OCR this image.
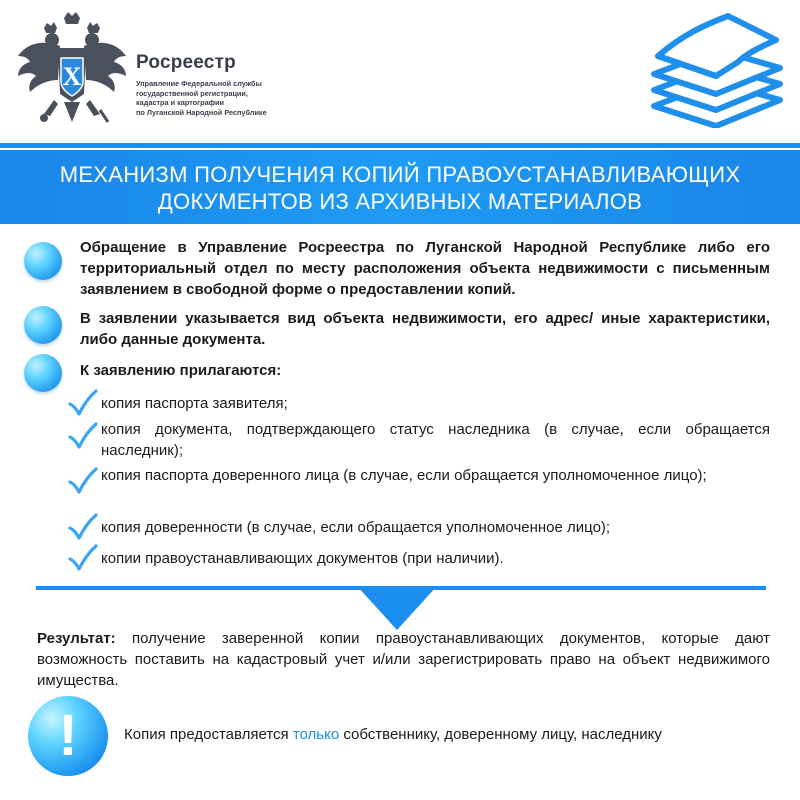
X	Росреестр
Управление Федеральной службы
государственной регистрации,
кадастра и картографии
по Луганской Народной Республике
МЕХАНИЗМ ПОЛУЧЕНИЯ КОПИЙ ПРАВОУСТАНАВЛИВАЮЩИХ
ДОКУМЕНТОВ ИЗ АРХИВНЫХ МАТЕРИАЛОВ
Обращение в Управление Росреестра по Луганской Народной Республике либо его территориальный отдел по месту расположения объекта недвижимости с письменным заявлением в свободной форме о предоставлении копий.
В заявлении указывается вид объекта недвижимости, его адрес/ иные характеристики, либо данные документа.
К заявлению прилагаются:
копия паспорта заявителя;
копия документа, подтверждающего статус наследника (в случае, если обращается наследник);
копия паспорта доверенного лица (в случае, если обращается уполномоченное лицо);
копия доверенности (в случае, если обращается уполномоченное лицо);
копии правоустанавливающих документов (при наличии).
Результат: получение заверенной копии правоустанавливающих документов, которые дают возможность поставить на кадастровый учет и/или зарегистрировать право на объект недвижимого имущества.
!	Копия предоставляется только собственнику, доверенному лицу, наследнику
